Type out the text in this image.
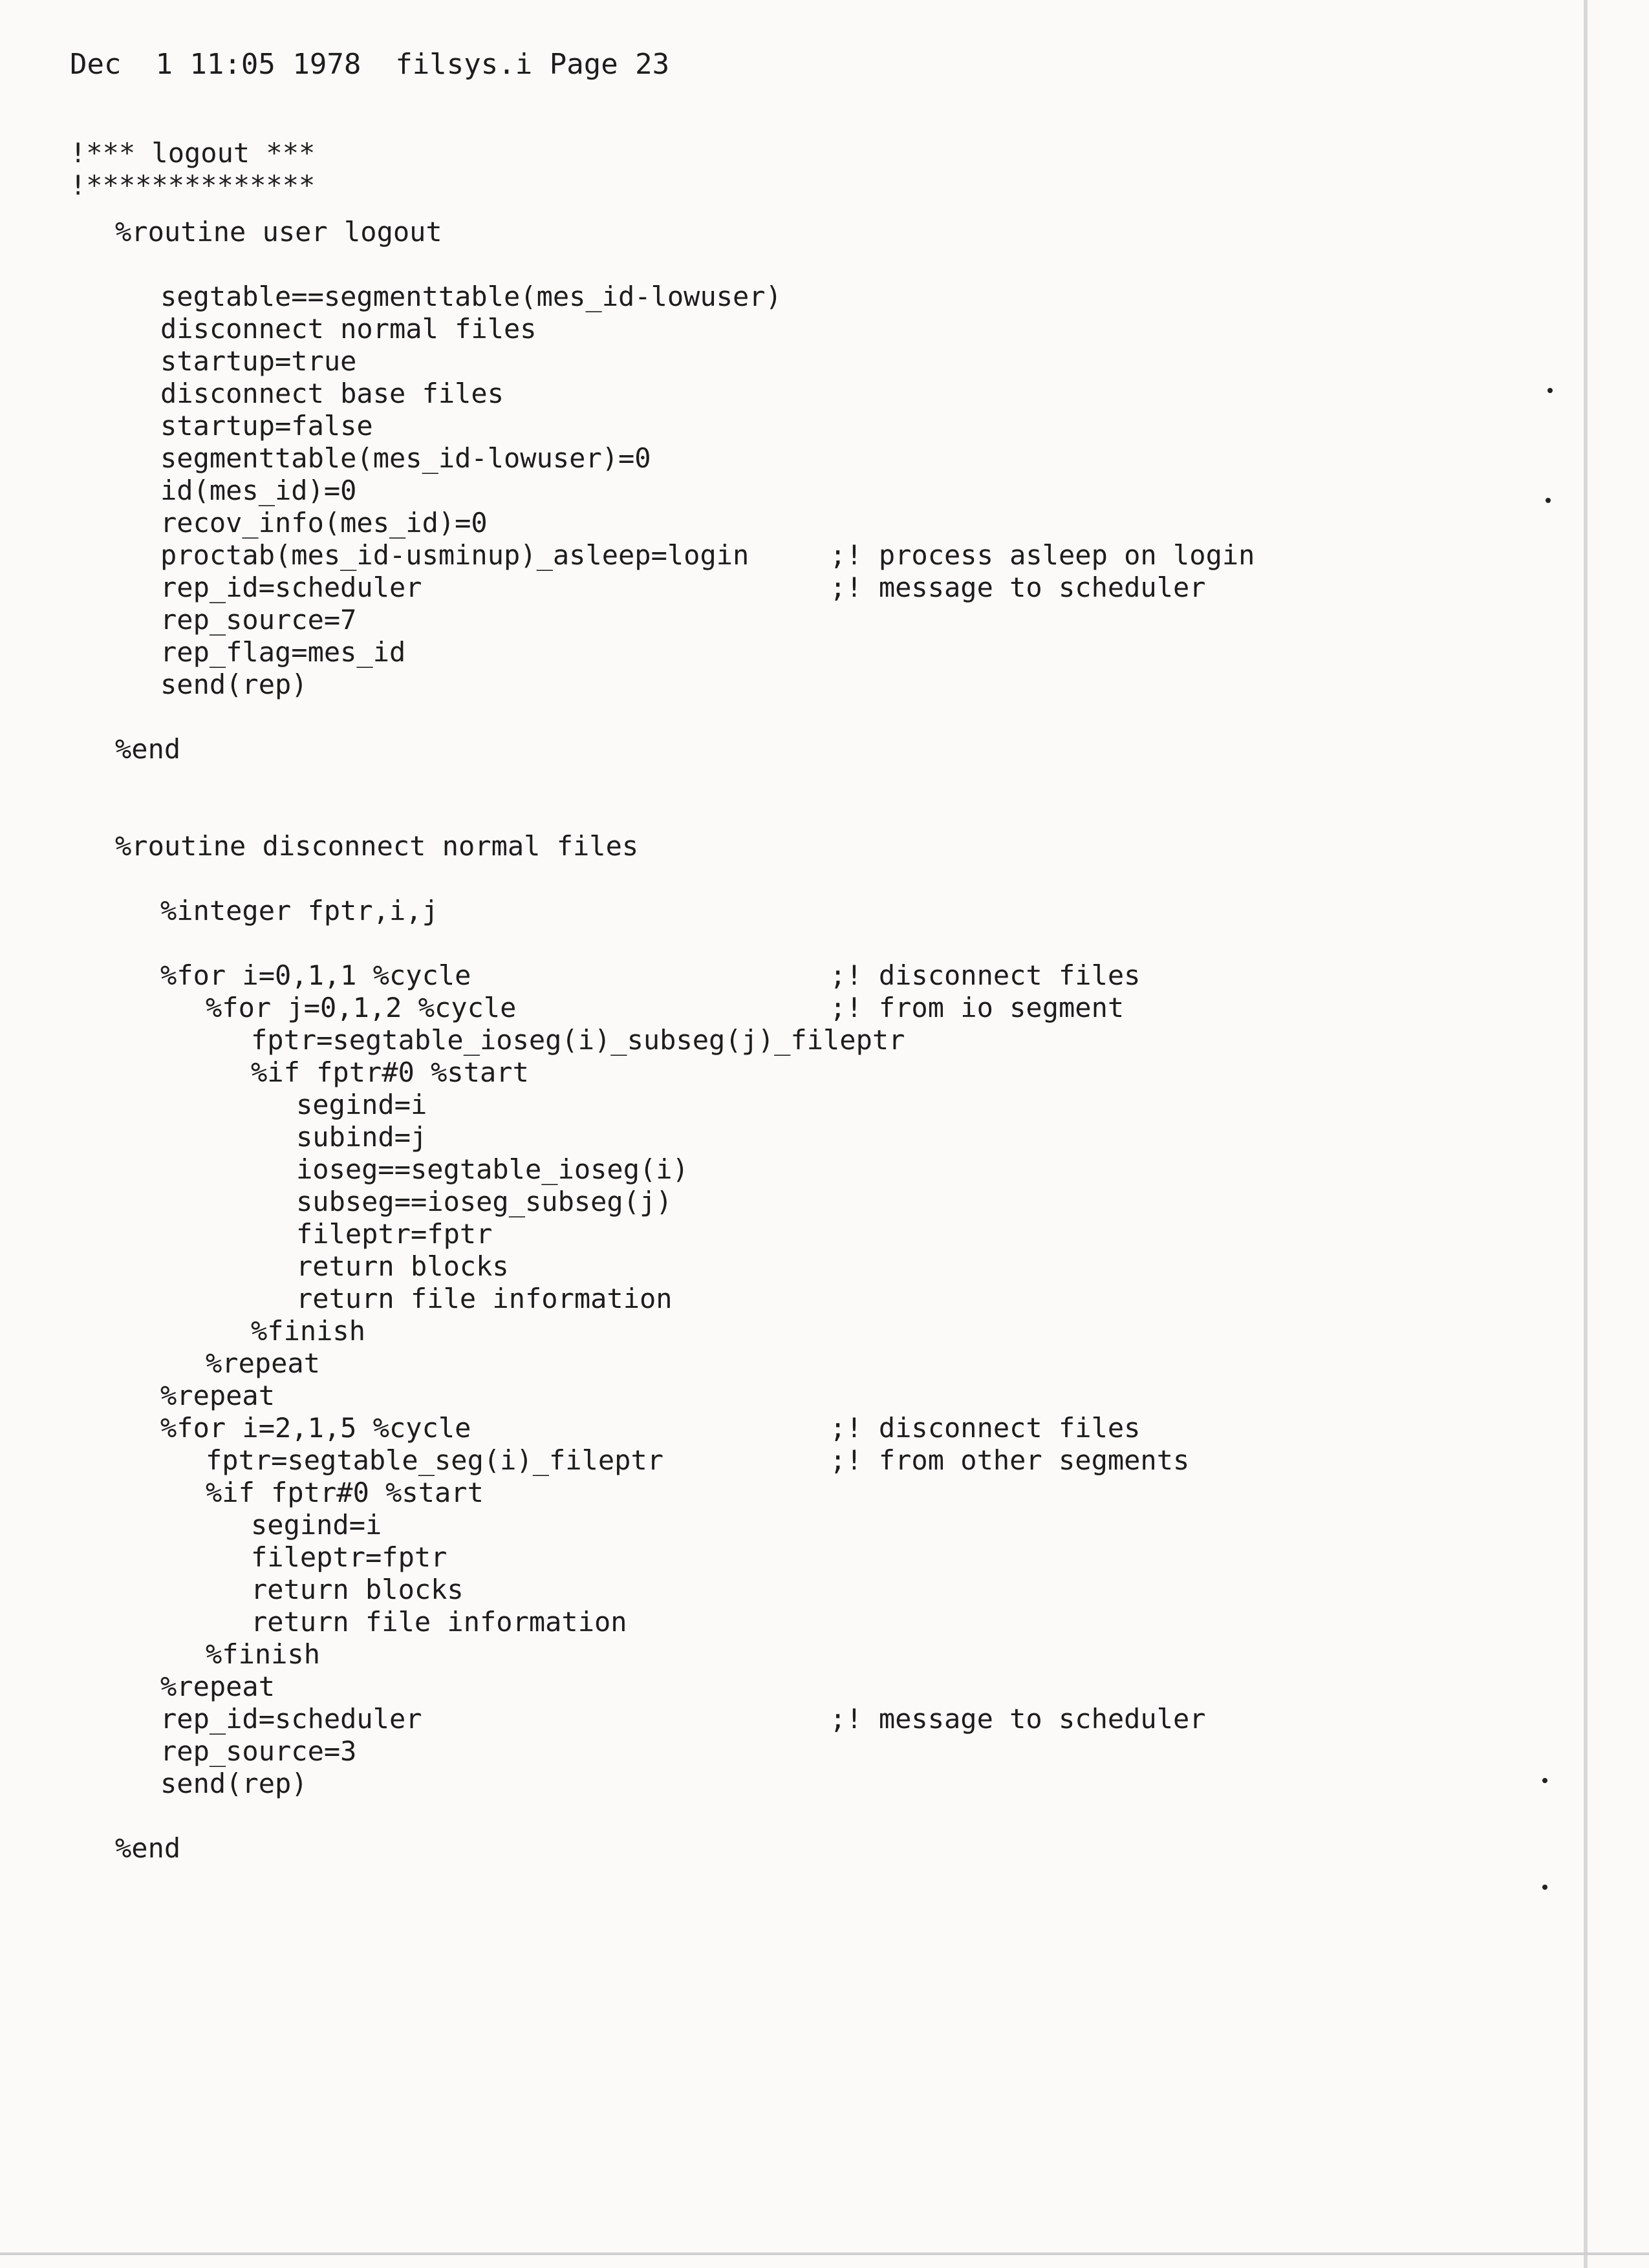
Dec  1 11:05 1978  filsys.i Page 23

!*** logout ***

!**************

%routine user logout
segtable==segmenttable(mes_id-lowuser)
disconnect normal files
startup=true
disconnect base files
startup=false
segmenttable(mes_id-lowuser)=0
id(mes_id)=0
recov_info(mes_id)=0
proctab(mes_id-usminup)_asleep=login	;! process asleep on login
rep_id=scheduler	;! message to scheduler
rep_source=7
rep_flag=mes_id
send(rep)
%end
%routine disconnect normal files
%integer fptr,i,j
%for i=0,1,1 %cycle	;! disconnect files
%for j=0,1,2 %cycle	;! from io segment
fptr=segtable_ioseg(i)_subseg(j)_fileptr
%if fptr#0 %start
segind=i
subind=j
ioseg==segtable_ioseg(i)
subseg==ioseg_subseg(j)
fileptr=fptr
return blocks
return file information
%finish
%repeat
%repeat
%for i=2,1,5 %cycle	;! disconnect files
fptr=segtable_seg(i)_fileptr	;! from other segments
%if fptr#0 %start
segind=i
fileptr=fptr
return blocks
return file information
%finish
%repeat
rep_id=scheduler	;! message to scheduler
rep_source=3
send(rep)
%end
